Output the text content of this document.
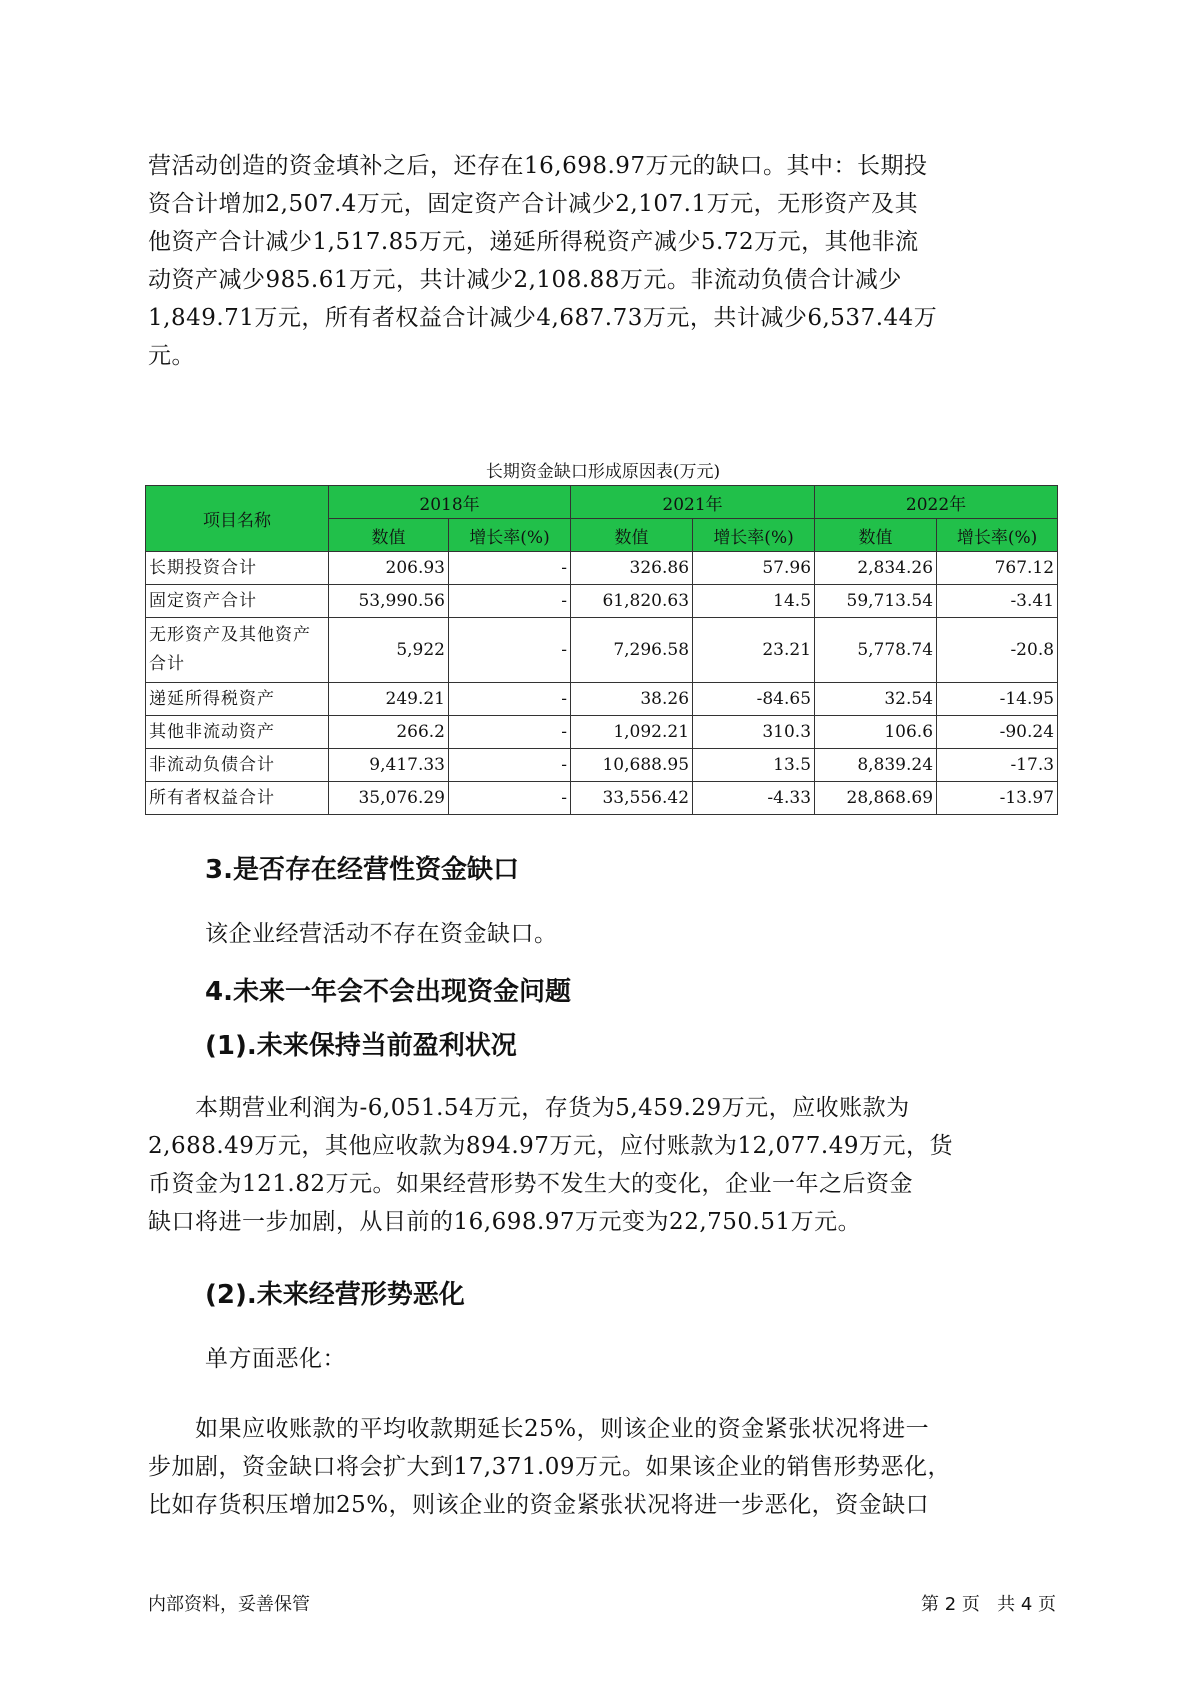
营活动创造的资金填补之后，还存在16,698.97万元的缺口。其中：长期投
资合计增加2,507.4万元，固定资产合计减少2,107.1万元，无形资产及其
他资产合计减少1,517.85万元，递延所得税资产减少5.72万元，其他非流
动资产减少985.61万元，共计减少2,108.88万元。非流动负债合计减少
1,849.71万元，所有者权益合计减少4,687.73万元，共计减少6,537.44万
元。

长期资金缺口形成原因表(万元)

项目名称	2018年		2021年		2022年	
	数值	增长率(%)	数值	增长率(%)	数值	增长率(%)
长期投资合计	206.93	-	326.86	57.96	2,834.26	767.12
固定资产合计	53,990.56	-	61,820.63	14.5	59,713.54	-3.41
无形资产及其他资产合计	5,922	-	7,296.58	23.21	5,778.74	-20.8
递延所得税资产	249.21	-	38.26	-84.65	32.54	-14.95
其他非流动资产	266.2	-	1,092.21	310.3	106.6	-90.24
非流动负债合计	9,417.33	-	10,688.95	13.5	8,839.24	-17.3
所有者权益合计	35,076.29	-	33,556.42	-4.33	28,868.69	-13.97
3.是否存在经营性资金缺口

该企业经营活动不存在资金缺口。

4.未来一年会不会出现资金问题
(1).未来保持当前盈利状况
　　本期营业利润为-6,051.54万元，存货为5,459.29万元，应收账款为
2,688.49万元，其他应收款为894.97万元，应付账款为12,077.49万元，货
币资金为121.82万元。如果经营形势不发生大的变化，企业一年之后资金
缺口将进一步加剧，从目前的16,698.97万元变为22,750.51万元。
(2).未来经营形势恶化

单方面恶化：

　　如果应收账款的平均收款期延长25%，则该企业的资金紧张状况将进一
步加剧，资金缺口将会扩大到17,371.09万元。如果该企业的销售形势恶化，
比如存货积压增加25%，则该企业的资金紧张状况将进一步恶化，资金缺口

内部资料，妥善保管	第 2 页   共 4 页
